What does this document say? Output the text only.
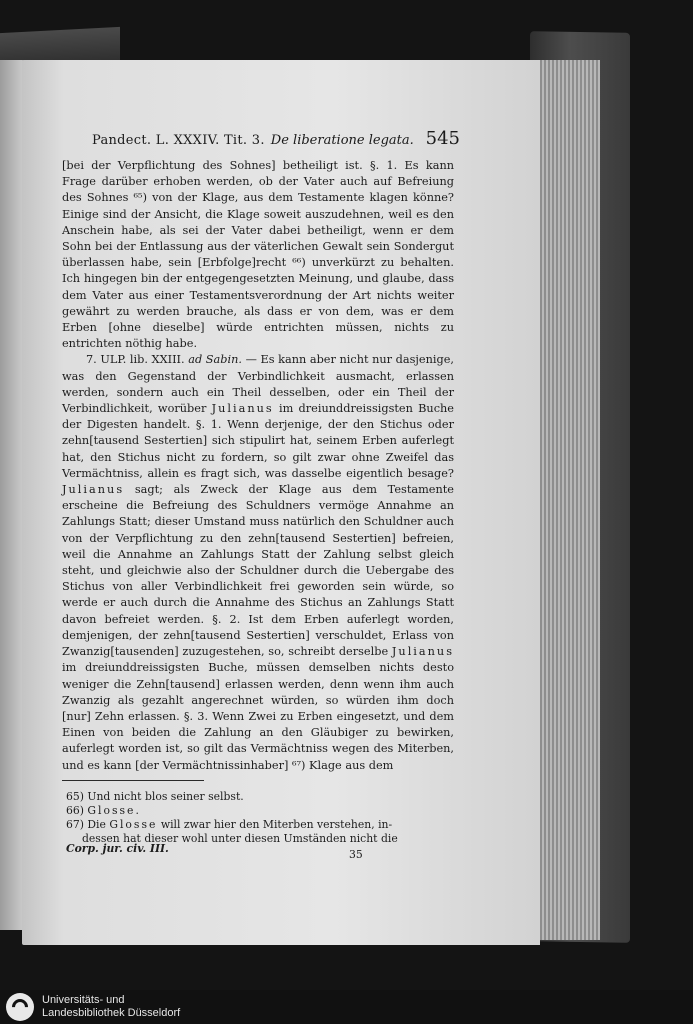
Pandect. L. XXXIV. Tit. 3. De liberatione legata. 545

[bei der Verpflichtung des Sohnes] betheiligt ist. §. 1. Es kann Frage darüber erhoben werden, ob der Vater auch auf Befreiung des Sohnes ⁶⁵) von der Klage, aus dem Testamente klagen könne? Einige sind der Ansicht, die Klage soweit auszudehnen, weil es den Anschein habe, als sei der Vater dabei betheiligt, wenn er dem Sohn bei der Entlassung aus der väterlichen Gewalt sein Sondergut überlassen habe, sein [Erbfolge]recht ⁶⁶) unverkürzt zu behalten. Ich hingegen bin der entgegengesetzten Meinung, und glaube, dass dem Vater aus einer Testamentsverordnung der Art nichts weiter gewährt zu werden brauche, als dass er von dem, was er dem Erben [ohne dieselbe] würde entrichten müssen, nichts zu entrichten nöthig habe.

7. ULP. lib. XXIII. ad Sabin. — Es kann aber nicht nur dasjenige, was den Gegenstand der Verbindlichkeit ausmacht, erlassen werden, sondern auch ein Theil desselben, oder ein Theil der Verbindlichkeit, worüber Julianus im dreiunddreissigsten Buche der Digesten handelt. §. 1. Wenn derjenige, der den Stichus oder zehn[tausend Sestertien] sich stipulirt hat, seinem Erben auferlegt hat, den Stichus nicht zu fordern, so gilt zwar ohne Zweifel das Vermächtniss, allein es fragt sich, was dasselbe eigentlich besage? Julianus sagt; als Zweck der Klage aus dem Testamente erscheine die Befreiung des Schuldners vermöge Annahme an Zahlungs Statt; dieser Umstand muss natürlich den Schuldner auch von der Verpflichtung zu den zehn[tausend Sestertien] befreien, weil die Annahme an Zahlungs Statt der Zahlung selbst gleich steht, und gleichwie also der Schuldner durch die Uebergabe des Stichus von aller Verbindlichkeit frei geworden sein würde, so werde er auch durch die Annahme des Stichus an Zahlungs Statt davon befreiet werden. §. 2. Ist dem Erben auferlegt worden, demjenigen, der zehn[tausend Sestertien] verschuldet, Erlass von Zwanzig[tausenden] zuzugestehen, so, schreibt derselbe Julianus im dreiunddreissigsten Buche, müssen demselben nichts desto weniger die Zehn[tausend] erlassen werden, denn wenn ihm auch Zwanzig als gezahlt angerechnet würden, so würden ihm doch [nur] Zehn erlassen. §. 3. Wenn Zwei zu Erben eingesetzt, und dem Einen von beiden die Zahlung an den Gläubiger zu bewirken, auferlegt worden ist, so gilt das Vermächtniss wegen des Miterben, und es kann [der Vermächtnissinhaber] ⁶⁷) Klage aus dem

65) Und nicht blos seiner selbst.
66) Glosse.
67) Die Glosse will zwar hier den Miterben verstehen, in-
dessen hat dieser wohl unter diesen Umständen nicht die
Corp. jur. civ. III.	35
Universitäts- und
Landesbibliothek Düsseldorf
